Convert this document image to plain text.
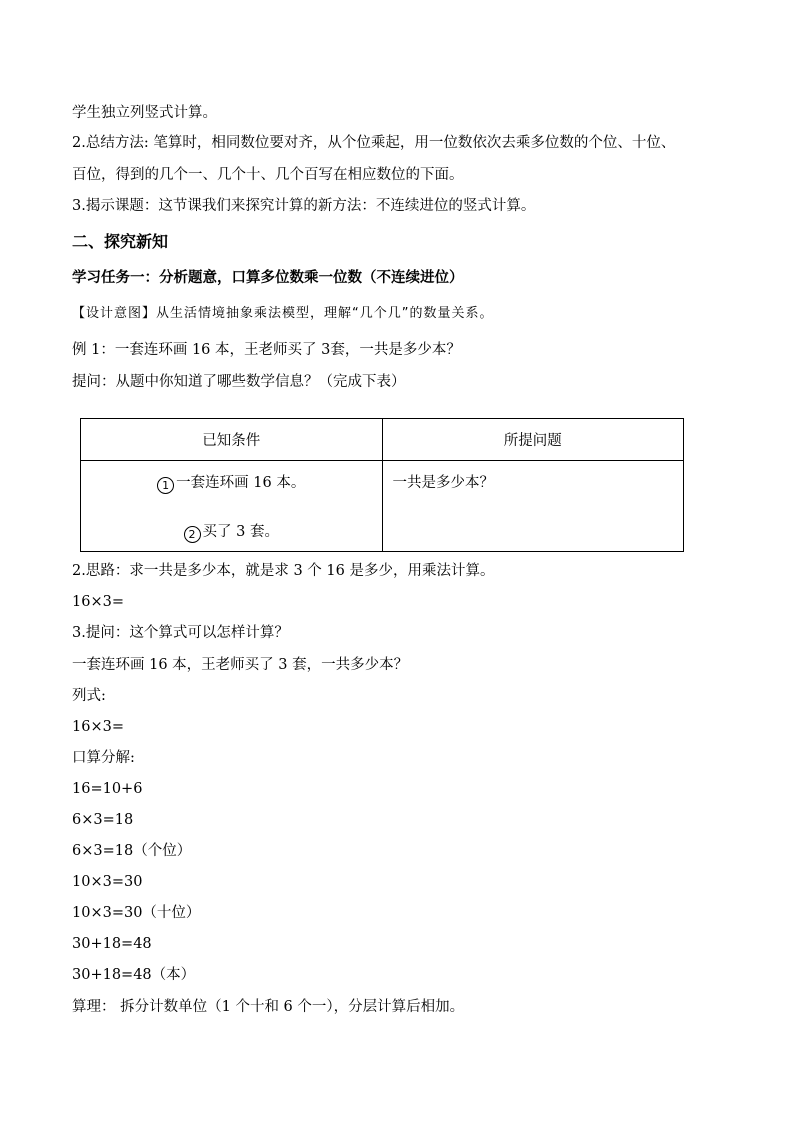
学生独立列竖式计算。
2.总结方法: 笔算时，相同数位要对齐，从个位乘起，用一位数依次去乘多位数的个位、十位、
百位，得到的几个一、几个十、几个百写在相应数位的下面。
3.揭示课题：这节课我们来探究计算的新方法：不连续进位的竖式计算。
二、探究新知
学习任务一：分析题意，口算多位数乘一位数（不连续进位）
【设计意图】从生活情境抽象乘法模型，理解“几个几”的数量关系。
例 1：一套连环画 16 本，王老师买了 3套，一共是多少本？
提问：从题中你知道了哪些数学信息？（完成下表）
已知条件	所提问题

1 一套连环画 16 本。
2 买了 3 套。	一共是多少本？
2.思路：求一共是多少本，就是求 3 个 16 是多少，用乘法计算。
16×3=
3.提问：这个算式可以怎样计算？
一套连环画 16 本，王老师买了 3 套，一共多少本？
列式:
16×3=
口算分解:
16=10+6
6×3=18
6×3=18（个位）
10×3=30
10×3=30（十位）
30+18=48
30+18=48（本）
算理： 拆分计数单位（1 个十和 6 个一），分层计算后相加。
